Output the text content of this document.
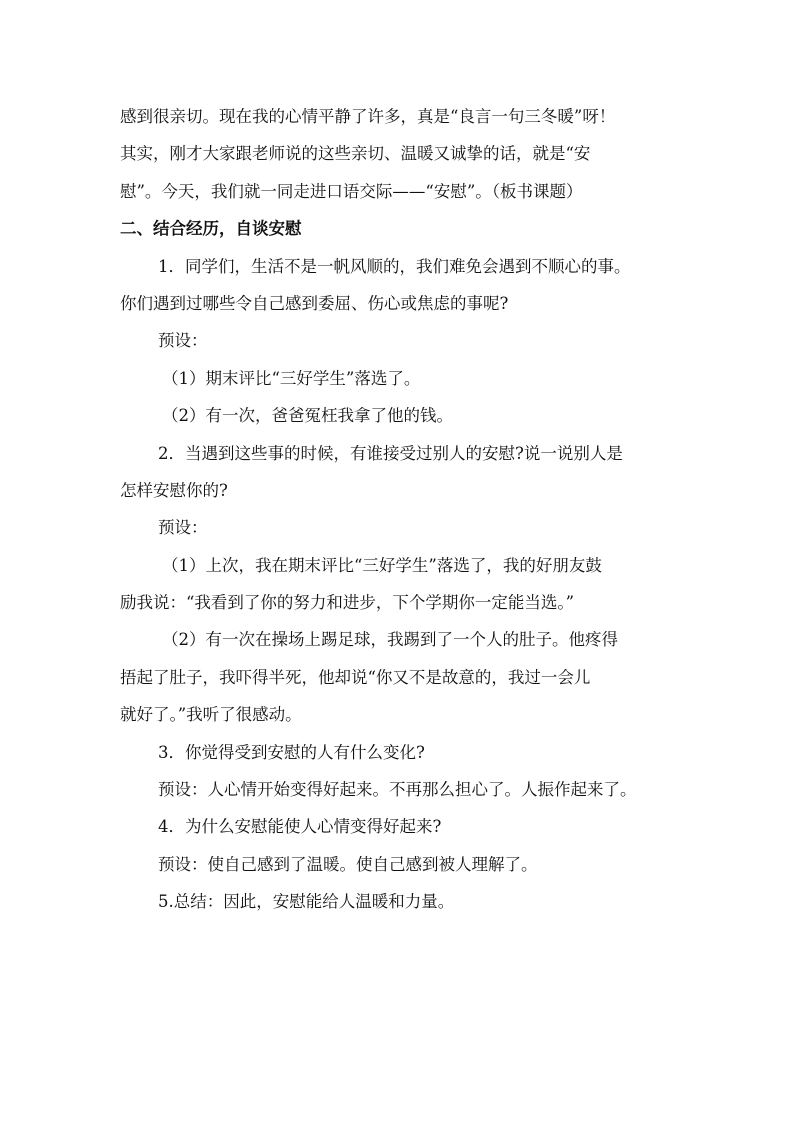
感到很亲切。现在我的心情平静了许多，真是“良言一句三冬暖”呀！
其实，刚才大家跟老师说的这些亲切、温暖又诚挚的话，就是“安
慰”。今天，我们就一同走进口语交际——“安慰”。（板书课题）
二、结合经历，自谈安慰
1．同学们，生活不是一帆风顺的，我们难免会遇到不顺心的事。
你们遇到过哪些令自己感到委屈、伤心或焦虑的事呢?
预设：
（1）期末评比“三好学生”落选了。
（2）有一次，爸爸冤枉我拿了他的钱。
2．当遇到这些事的时候，有谁接受过别人的安慰?说一说别人是
怎样安慰你的?
预设：
（1）上次，我在期末评比“三好学生”落选了，我的好朋友鼓
励我说：“我看到了你的努力和进步，下个学期你一定能当选。”
（2）有一次在操场上踢足球，我踢到了一个人的肚子。他疼得
捂起了肚子，我吓得半死，他却说“你又不是故意的，我过一会儿
就好了。”我听了很感动。
3．你觉得受到安慰的人有什么变化?
预设：人心情开始变得好起来。不再那么担心了。人振作起来了。
4．为什么安慰能使人心情变得好起来?
预设：使自己感到了温暖。使自己感到被人理解了。
5.总结：因此，安慰能给人温暖和力量。
